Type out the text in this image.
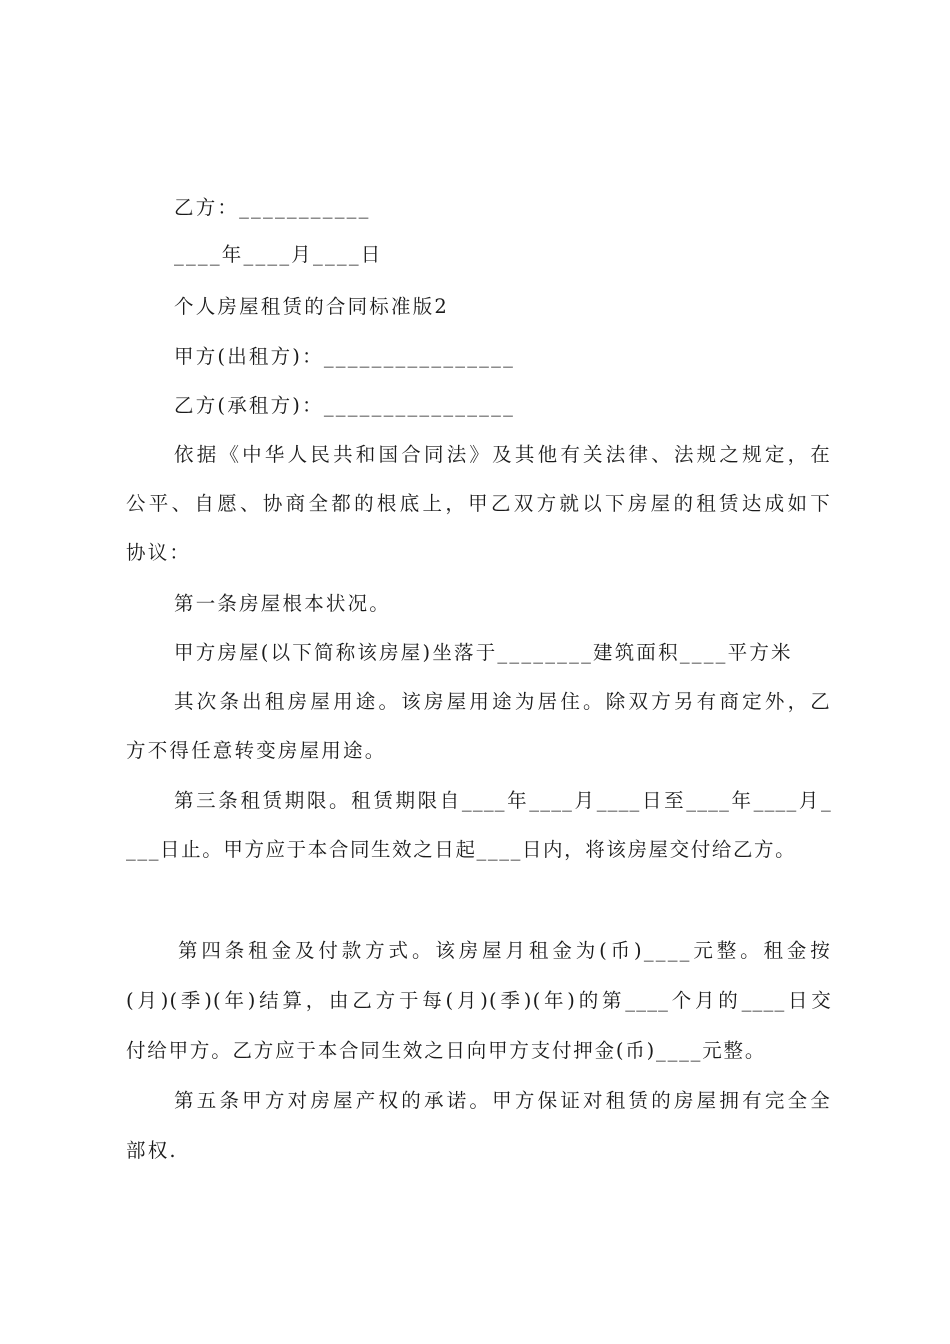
乙方：___________
____年____月____日
个人房屋租赁的合同标准版2
甲方(出租方)：________________
乙方(承租方)：________________
依据《中华人民共和国合同法》及其他有关法律、法规之规定，在
公平、自愿、协商全都的根底上，甲乙双方就以下房屋的租赁达成如下
协议：
第一条房屋根本状况。
甲方房屋(以下简称该房屋)坐落于________建筑面积____平方米
其次条出租房屋用途。该房屋用途为居住。除双方另有商定外，乙
方不得任意转变房屋用途。
第三条租赁期限。租赁期限自____年____月____日至____年____月_
___日止。甲方应于本合同生效之日起____日内，将该房屋交付给乙方。
第四条租金及付款方式。该房屋月租金为(币)____元整。租金按
(月)(季)(年)结算，由乙方于每(月)(季)(年)的第____个月的____日交
付给甲方。乙方应于本合同生效之日向甲方支付押金(币)____元整。
第五条甲方对房屋产权的承诺。甲方保证对租赁的房屋拥有完全全
部权.
